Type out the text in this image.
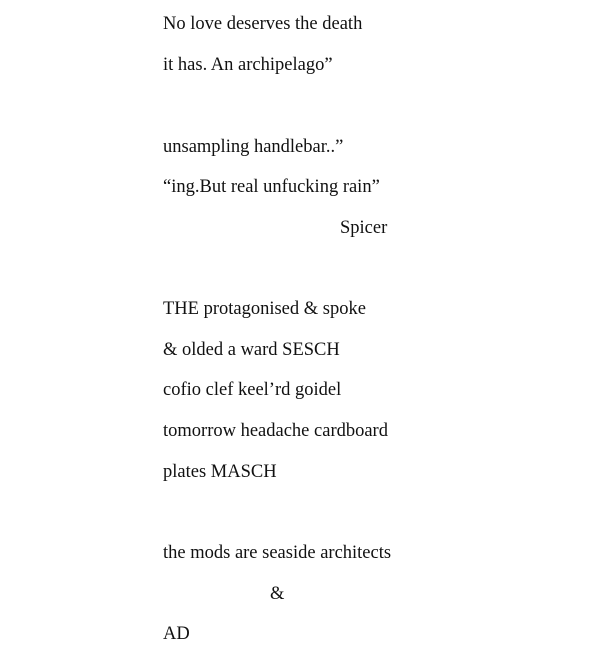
No love deserves the death

it has. An archipelago”

unsampling handlebar..”

“ing.But real unfucking rain”

Spicer

THE protagonised & spoke

& olded a ward SESCH

cofio clef keel’rd goidel

tomorrow headache cardboard

plates MASCH

the mods are seaside architects

&

AD
